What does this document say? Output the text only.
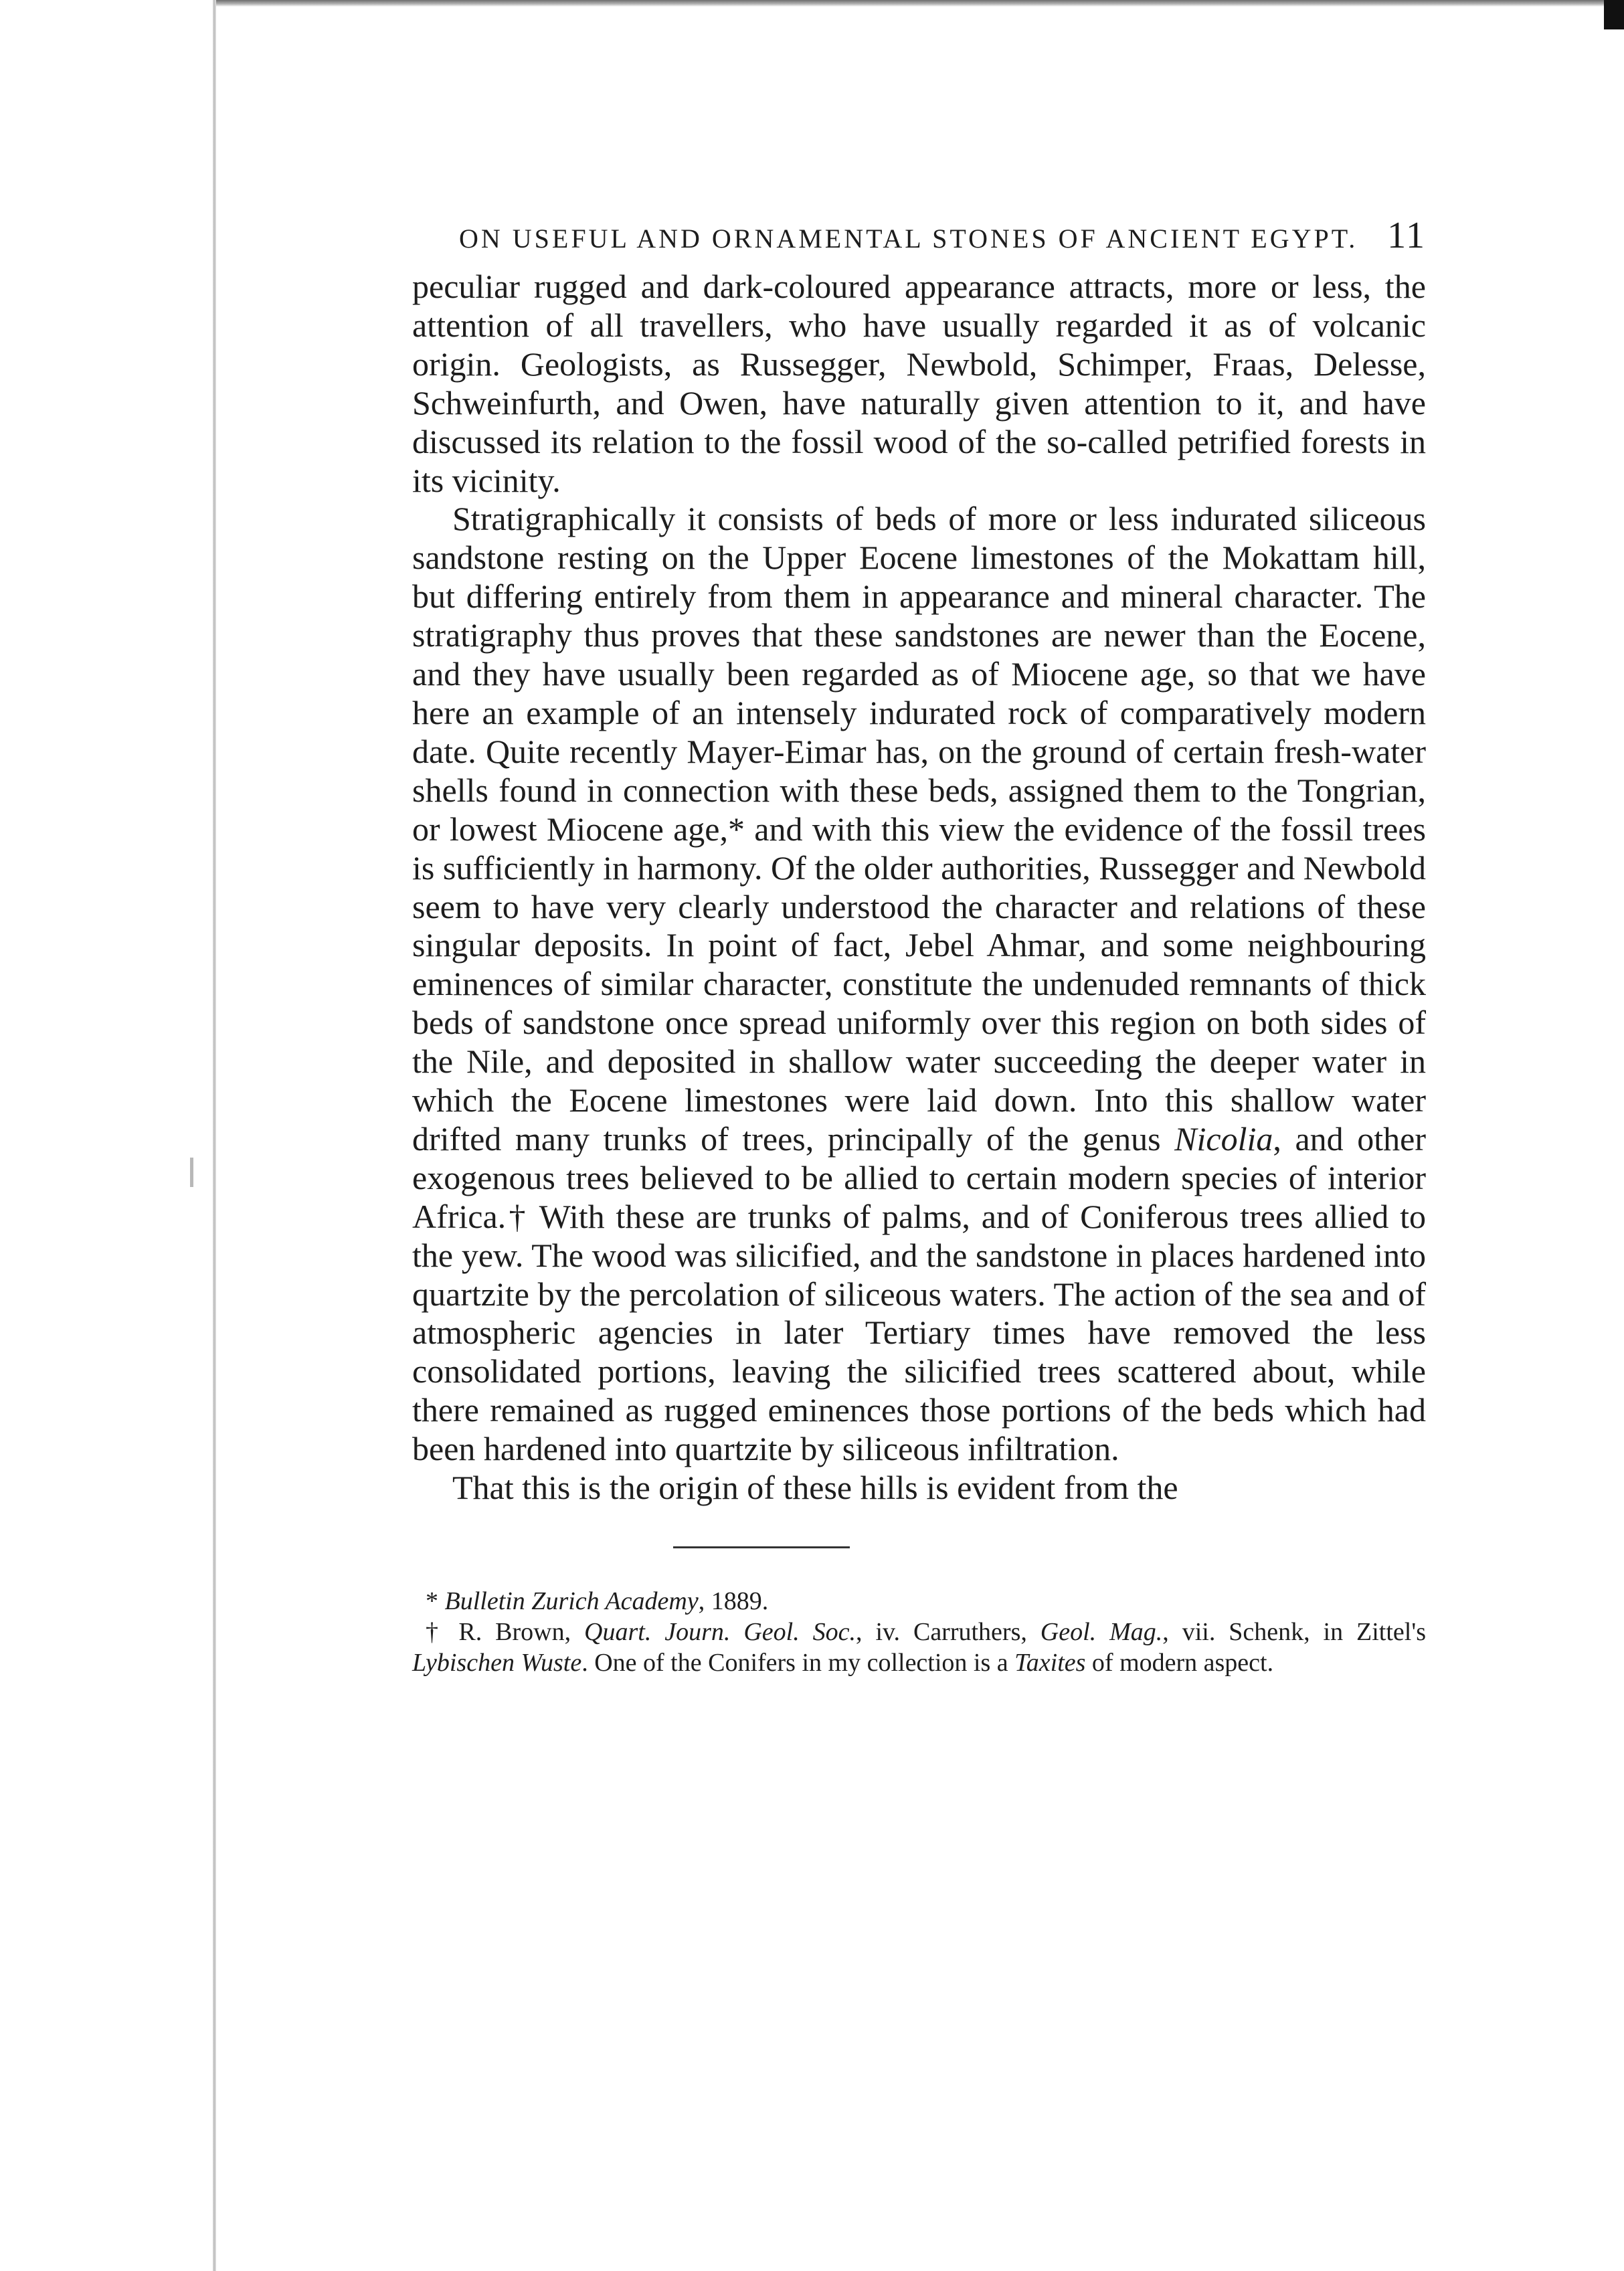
ON USEFUL AND ORNAMENTAL STONES OF ANCIENT EGYPT. 11

peculiar rugged and dark-coloured appearance attracts, more or less, the attention of all travellers, who have usually regarded it as of volcanic origin. Geologists, as Russegger, Newbold, Schimper, Fraas, Delesse, Schweinfurth, and Owen, have naturally given attention to it, and have discussed its relation to the fossil wood of the so-called petrified forests in its vicinity.

Stratigraphically it consists of beds of more or less indurated siliceous sandstone resting on the Upper Eocene limestones of the Mokattam hill, but differing entirely from them in appearance and mineral character. The stratigraphy thus proves that these sandstones are newer than the Eocene, and they have usually been regarded as of Miocene age, so that we have here an example of an intensely indurated rock of comparatively modern date. Quite recently Mayer-Eimar has, on the ground of certain fresh-water shells found in connection with these beds, assigned them to the Tongrian, or lowest Miocene age,* and with this view the evidence of the fossil trees is sufficiently in harmony. Of the older authorities, Russegger and Newbold seem to have very clearly understood the character and relations of these singular deposits. In point of fact, Jebel Ahmar, and some neighbouring eminences of similar character, constitute the undenuded remnants of thick beds of sandstone once spread uniformly over this region on both sides of the Nile, and deposited in shallow water succeeding the deeper water in which the Eocene limestones were laid down. Into this shallow water drifted many trunks of trees, principally of the genus Nicolia, and other exogenous trees believed to be allied to certain modern species of interior Africa.† With these are trunks of palms, and of Coniferous trees allied to the yew. The wood was silicified, and the sandstone in places hardened into quartzite by the percolation of siliceous waters. The action of the sea and of atmospheric agencies in later Tertiary times have removed the less consolidated portions, leaving the silicified trees scattered about, while there remained as rugged eminences those portions of the beds which had been hardened into quartzite by siliceous infiltration.

That this is the origin of these hills is evident from the

* Bulletin Zurich Academy, 1889.

† R. Brown, Quart. Journ. Geol. Soc., iv. Carruthers, Geol. Mag., vii. Schenk, in Zittel's Lybischen Wuste. One of the Conifers in my collection is a Taxites of modern aspect.
